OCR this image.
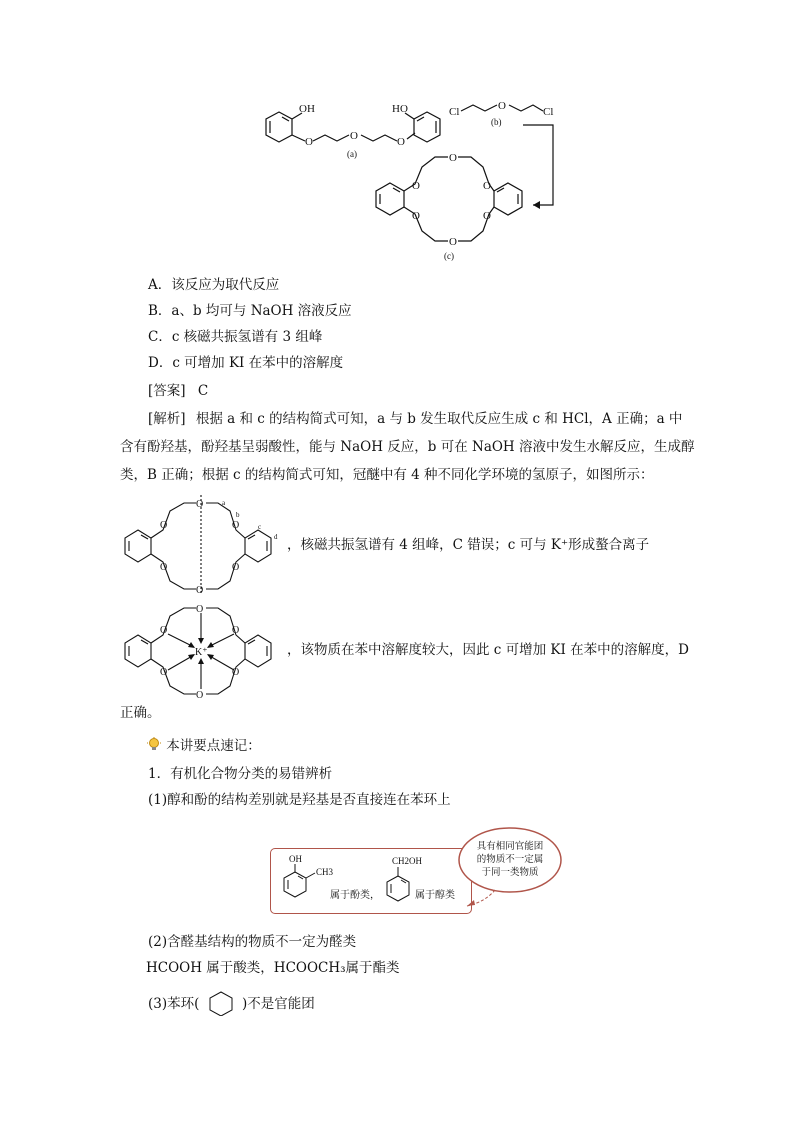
OH	HO
O	O	O
Cl	O	Cl
O
O
O
O
O
O
(a)
(b)
(c)
A．该反应为取代反应
B．a、b 均可与 NaOH 溶液反应
C．c 核磁共振氢谱有 3 组峰
D．c 可增加 KI 在苯中的溶解度
[答案] C
[解析] 根据 a 和 c 的结构简式可知，a 与 b 发生取代反应生成 c 和 HCl，A 正确；a 中
含有酚羟基，酚羟基呈弱酸性，能与 NaOH 反应，b 可在 NaOH 溶液中发生水解反应，生成醇
类，B 正确；根据 c 的结构简式可知，冠醚中有 4 种不同化学环境的氢原子，如图所示：
O
O
O
O
O
O
a
b
c
d ，核磁共振氢谱有 4 组峰，C 错误；c 可与 K⁺形成螯合离子
O
O
O
O
O
O
K⁺	，该物质在苯中溶解度较大，因此 c 可增加 KI 在苯中的溶解度，D
正确。
本讲要点速记：
1．有机化合物分类的易错辨析
(1)醇和酚的结构差别就是羟基是否直接连在苯环上
OH
CH3
CH2OH
属于酚类，	属于醇类
具有相同官能团
的物质不一定属
于同一类物质
(2)含醛基结构的物质不一定为醛类
HCOOH 属于酸类，HCOOCH₃属于酯类
(3)苯环(	)不是官能团
